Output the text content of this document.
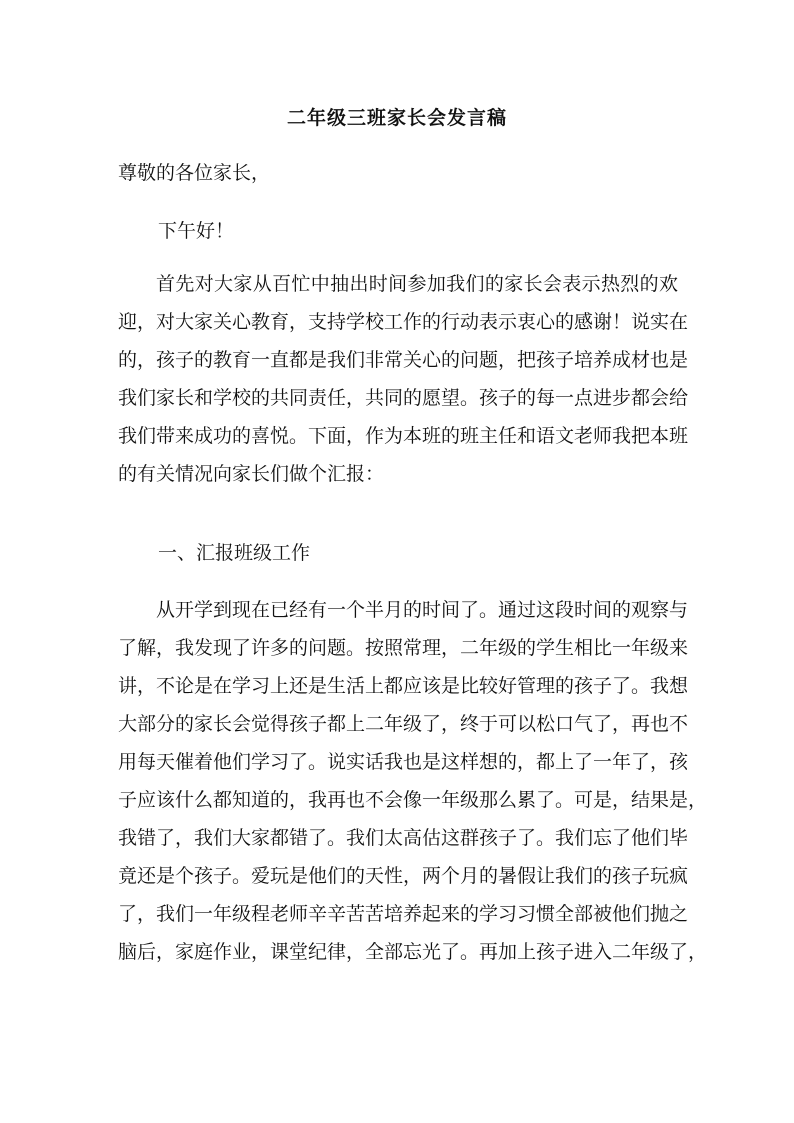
二年级三班家长会发言稿
尊敬的各位家长，
下午好！
首先对大家从百忙中抽出时间参加我们的家长会表示热烈的欢
迎，对大家关心教育，支持学校工作的行动表示衷心的感谢！说实在
的，孩子的教育一直都是我们非常关心的问题，把孩子培养成材也是
我们家长和学校的共同责任，共同的愿望。孩子的每一点进步都会给
我们带来成功的喜悦。下面，作为本班的班主任和语文老师我把本班
的有关情况向家长们做个汇报：
一、汇报班级工作
从开学到现在已经有一个半月的时间了。通过这段时间的观察与
了解，我发现了许多的问题。按照常理，二年级的学生相比一年级来
讲，不论是在学习上还是生活上都应该是比较好管理的孩子了。我想
大部分的家长会觉得孩子都上二年级了，终于可以松口气了，再也不
用每天催着他们学习了。说实话我也是这样想的，都上了一年了，孩
子应该什么都知道的，我再也不会像一年级那么累了。可是，结果是，
我错了，我们大家都错了。我们太高估这群孩子了。我们忘了他们毕
竟还是个孩子。爱玩是他们的天性，两个月的暑假让我们的孩子玩疯
了，我们一年级程老师辛辛苦苦培养起来的学习习惯全部被他们抛之
脑后，家庭作业，课堂纪律，全部忘光了。再加上孩子进入二年级了，
